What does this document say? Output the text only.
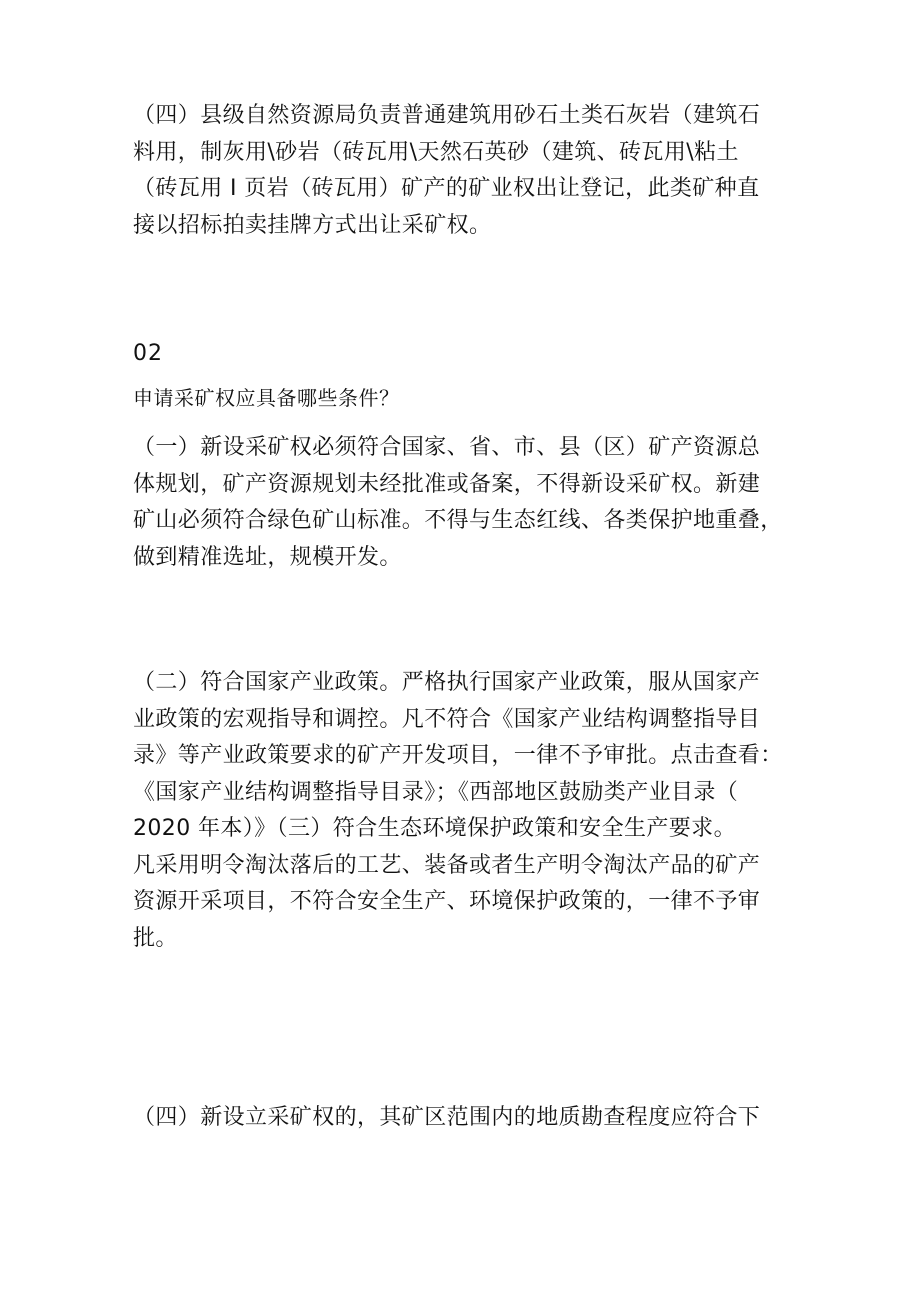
（四）县级自然资源局负责普通建筑用砂石土类石灰岩（建筑石
料用，制灰用\砂岩（砖瓦用\天然石英砂（建筑、砖瓦用\粘土
（砖瓦用 I 页岩（砖瓦用）矿产的矿业权出让登记，此类矿种直
接以招标拍卖挂牌方式出让采矿权。
02
申请采矿权应具备哪些条件？
（一）新设采矿权必须符合国家、省、市、县（区）矿产资源总
体规划，矿产资源规划未经批准或备案，不得新设采矿权。新建
矿山必须符合绿色矿山标准。不得与生态红线、各类保护地重叠，
做到精准选址，规模开发。
（二）符合国家产业政策。严格执行国家产业政策，服从国家产
业政策的宏观指导和调控。凡不符合《国家产业结构调整指导目
录》等产业政策要求的矿产开发项目，一律不予审批。点击查看：
《国家产业结构调整指导目录》；《西部地区鼓励类产业目录（
2020 年本）》（三）符合生态环境保护政策和安全生产要求。
凡采用明令淘汰落后的工艺、装备或者生产明令淘汰产品的矿产
资源开采项目，不符合安全生产、环境保护政策的，一律不予审
批。
（四）新设立采矿权的，其矿区范围内的地质勘查程度应符合下
